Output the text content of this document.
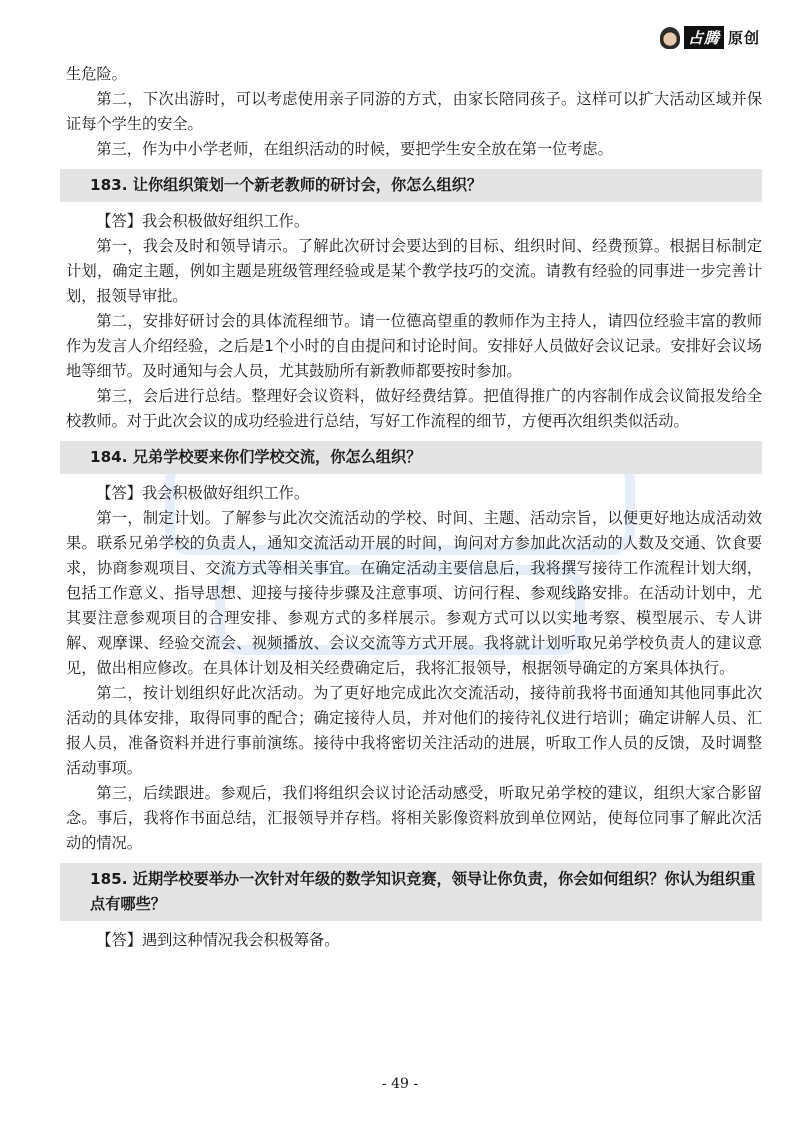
占腾 原创

生危险。

第二，下次出游时，可以考虑使用亲子同游的方式，由家长陪同孩子。这样可以扩大活动区域并保证每个学生的安全。

第三，作为中小学老师，在组织活动的时候，要把学生安全放在第一位考虑。

183. 让你组织策划一个新老教师的研讨会，你怎么组织？

【答】我会积极做好组织工作。

第一，我会及时和领导请示。了解此次研讨会要达到的目标、组织时间、经费预算。根据目标制定计划，确定主题，例如主题是班级管理经验或是某个教学技巧的交流。请教有经验的同事进一步完善计划，报领导审批。

第二，安排好研讨会的具体流程细节。请一位德高望重的教师作为主持人，请四位经验丰富的教师作为发言人介绍经验，之后是1个小时的自由提问和讨论时间。安排好人员做好会议记录。安排好会议场地等细节。及时通知与会人员，尤其鼓励所有新教师都要按时参加。

第三，会后进行总结。整理好会议资料，做好经费结算。把值得推广的内容制作成会议简报发给全校教师。对于此次会议的成功经验进行总结，写好工作流程的细节，方便再次组织类似活动。

184. 兄弟学校要来你们学校交流，你怎么组织？

【答】我会积极做好组织工作。

第一，制定计划。了解参与此次交流活动的学校、时间、主题、活动宗旨，以便更好地达成活动效果。联系兄弟学校的负责人，通知交流活动开展的时间，询问对方参加此次活动的人数及交通、饮食要求，协商参观项目、交流方式等相关事宜。在确定活动主要信息后，我将撰写接待工作流程计划大纲，包括工作意义、指导思想、迎接与接待步骤及注意事项、访问行程、参观线路安排。在活动计划中，尤其要注意参观项目的合理安排、参观方式的多样展示。参观方式可以以实地考察、模型展示、专人讲解、观摩课、经验交流会、视频播放、会议交流等方式开展。我将就计划听取兄弟学校负责人的建议意见，做出相应修改。在具体计划及相关经费确定后，我将汇报领导，根据领导确定的方案具体执行。

第二，按计划组织好此次活动。为了更好地完成此次交流活动，接待前我将书面通知其他同事此次活动的具体安排，取得同事的配合；确定接待人员，并对他们的接待礼仪进行培训；确定讲解人员、汇报人员，准备资料并进行事前演练。接待中我将密切关注活动的进展，听取工作人员的反馈，及时调整活动事项。

第三，后续跟进。参观后，我们将组织会议讨论活动感受，听取兄弟学校的建议，组织大家合影留念。事后，我将作书面总结，汇报领导并存档。将相关影像资料放到单位网站，使每位同事了解此次活动的情况。

185. 近期学校要举办一次针对年级的数学知识竞赛，领导让你负责，你会如何组织？你认为组织重点有哪些？

【答】遇到这种情况我会积极筹备。

- 49 -
